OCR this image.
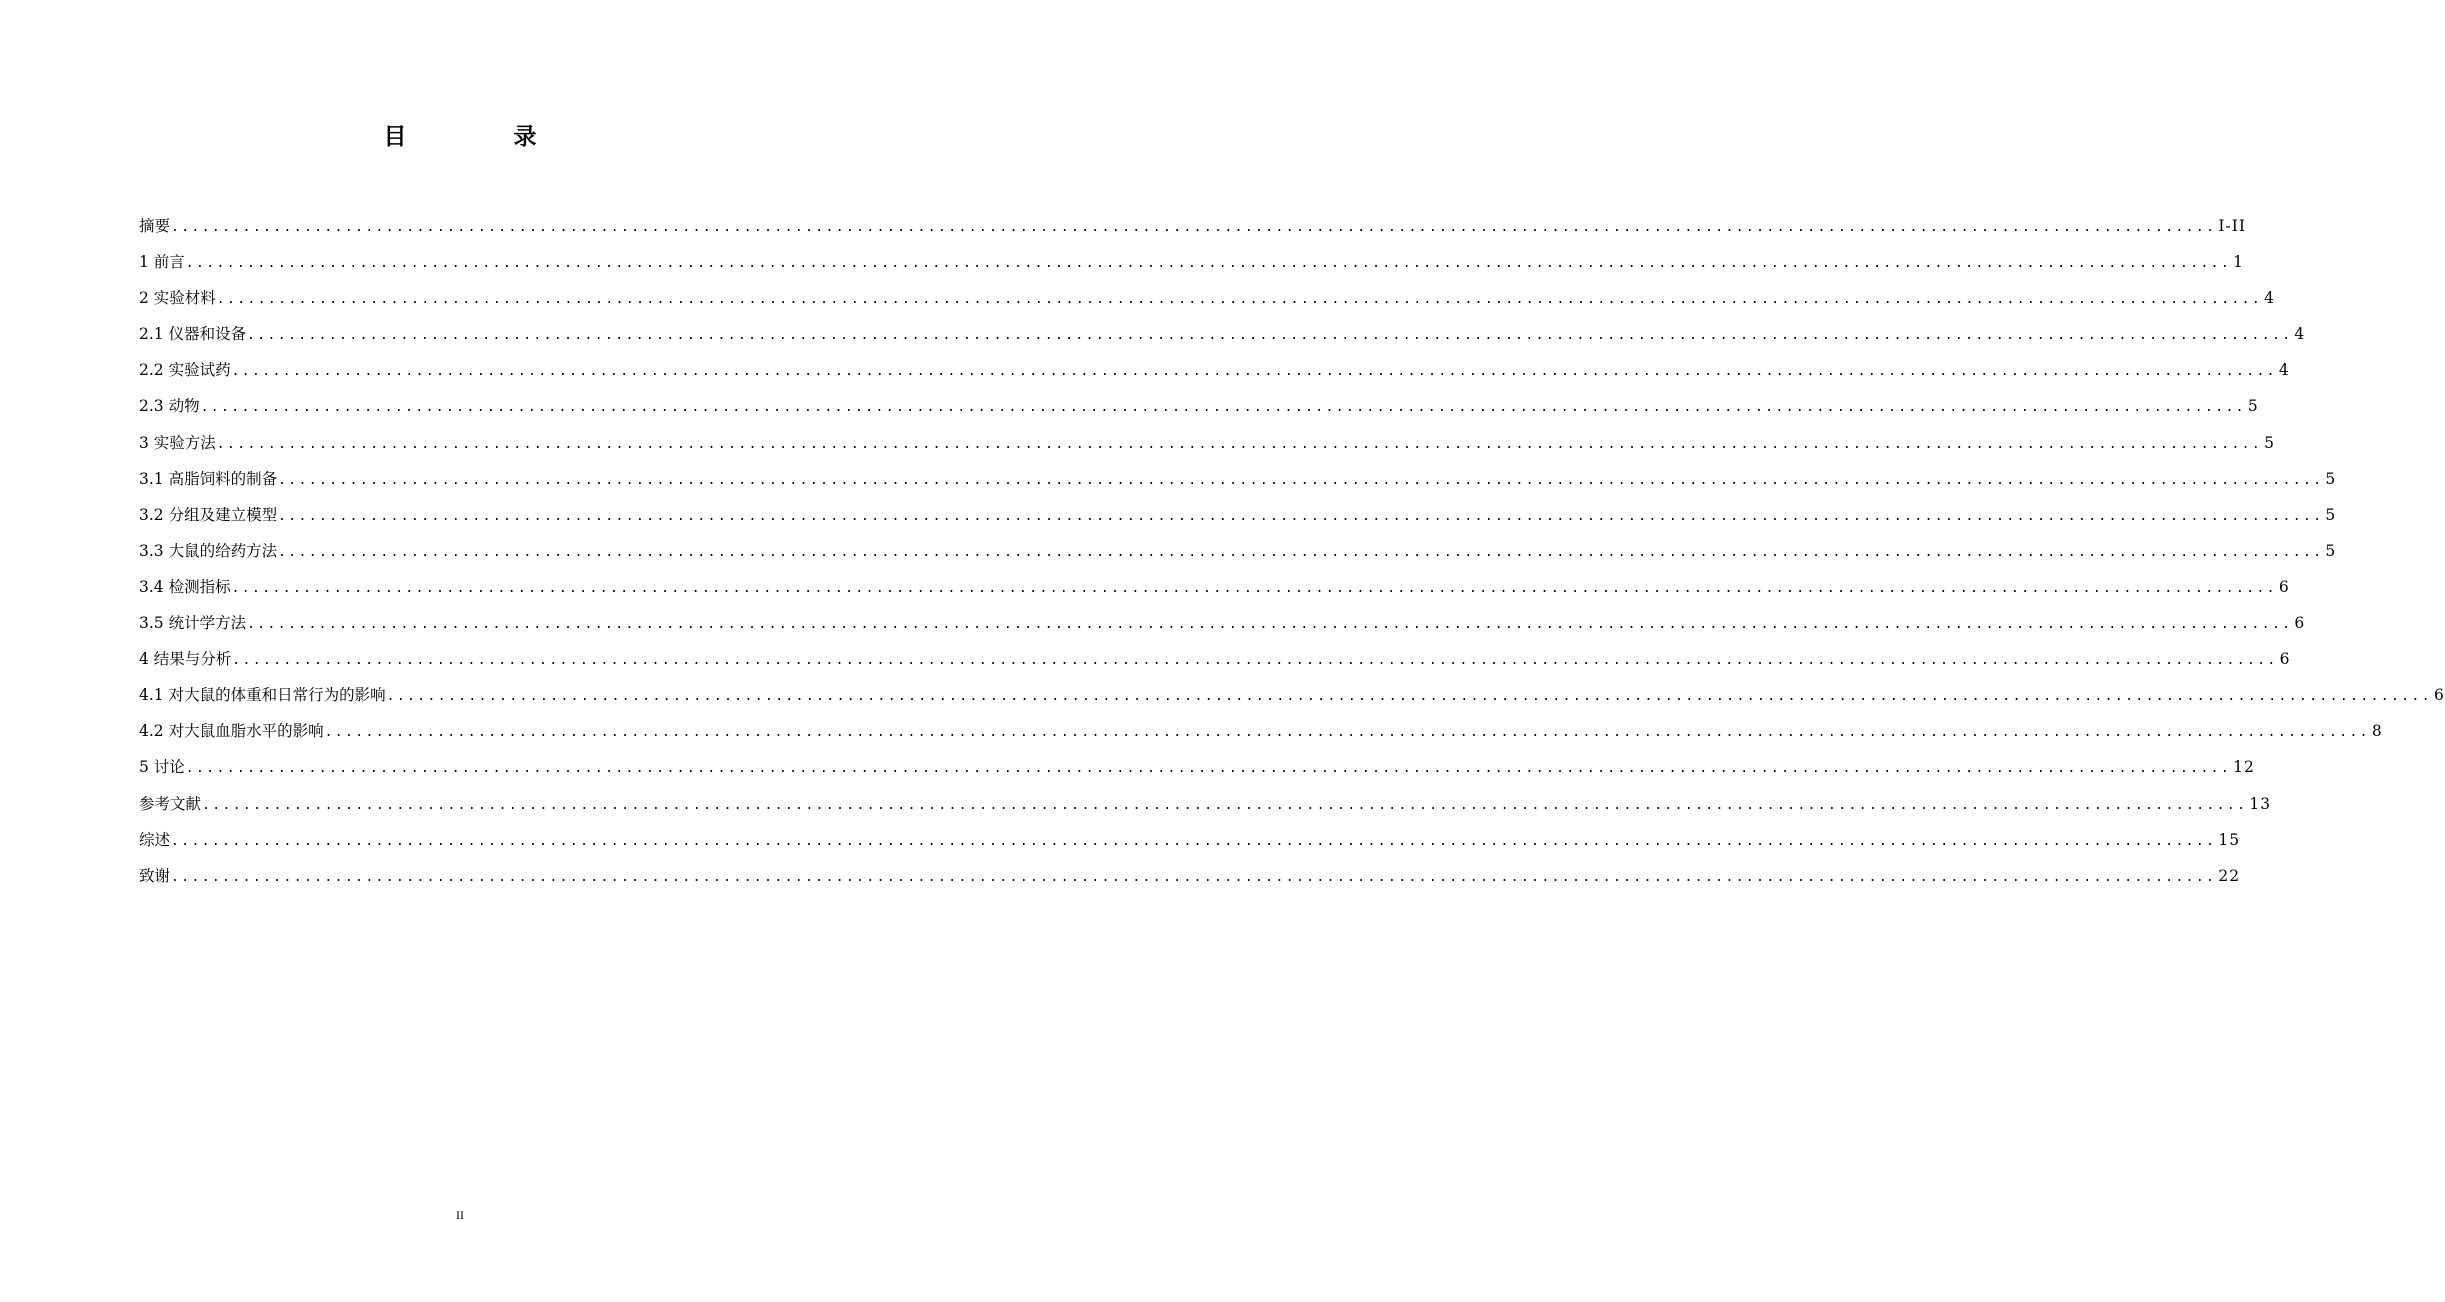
目　录
摘要 ........................................................................................................................................................................................................ I-II
1 前言 ........................................................................................................................................................................................................ 1
2 实验材料 ........................................................................................................................................................................................................ 4
2.1 仪器和设备 ........................................................................................................................................................................................................ 4
2.2 实验试药 ........................................................................................................................................................................................................ 4
2.3 动物 ........................................................................................................................................................................................................ 5
3 实验方法 ........................................................................................................................................................................................................ 5
3.1 高脂饲料的制备 ........................................................................................................................................................................................................ 5
3.2 分组及建立模型 ........................................................................................................................................................................................................ 5
3.3 大鼠的给药方法 ........................................................................................................................................................................................................ 5
3.4 检测指标 ........................................................................................................................................................................................................ 6
3.5 统计学方法 ........................................................................................................................................................................................................ 6
4 结果与分析 ........................................................................................................................................................................................................ 6
4.1 对大鼠的体重和日常行为的影响 ........................................................................................................................................................................................................ 6
4.2 对大鼠血脂水平的影响 ........................................................................................................................................................................................................ 8
5 讨论 ........................................................................................................................................................................................................ 12
参考文献 ........................................................................................................................................................................................................ 13
综述 ........................................................................................................................................................................................................ 15
致谢 ........................................................................................................................................................................................................ 22
II
